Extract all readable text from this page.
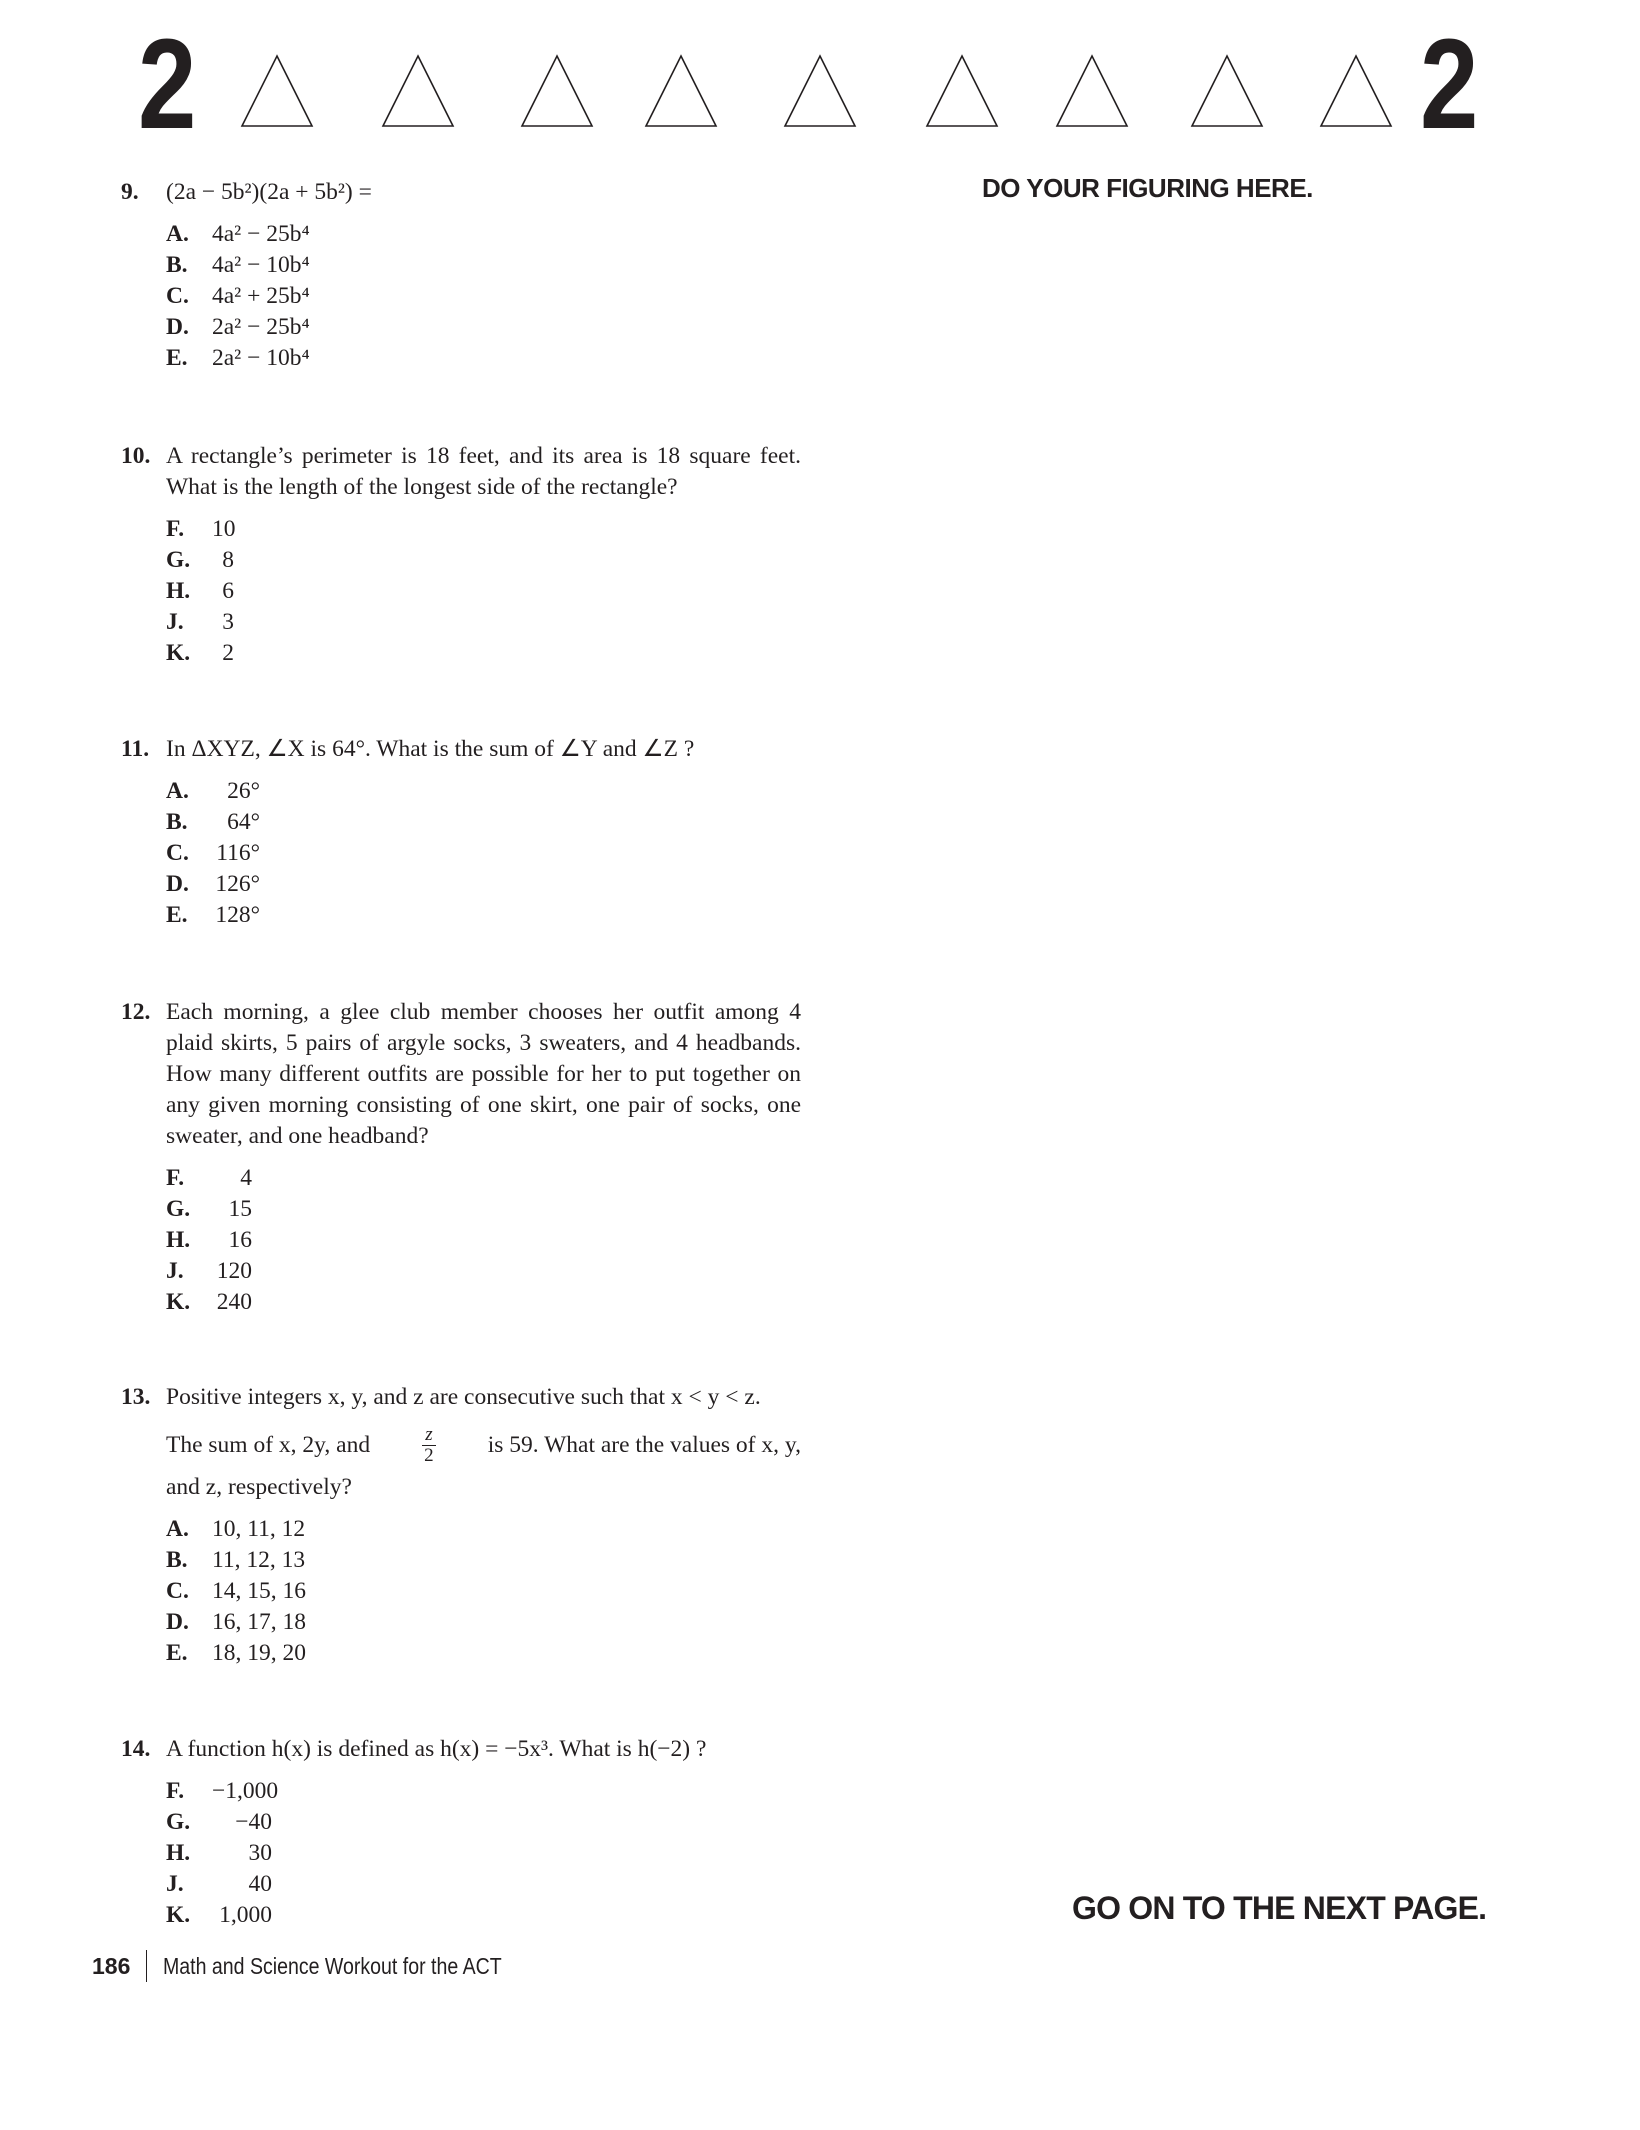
2	2
DO YOUR FIGURING HERE.
9. (2a − 5b²)(2a + 5b²) =
A. 4a² − 25b⁴
B.	4a² − 10b⁴
C. 4a² + 25b⁴
D. 2a² − 25b⁴
E.	2a² − 10b⁴
10. A rectangle’s perimeter is 18 feet, and its area is 18 square feet. What is the length of the longest side of the rectangle?
F.	10
G.	8
H.	6
J.	3
K.	2
11. In ΔXYZ, ∠X is 64°. What is the sum of ∠Y and ∠Z ?
A.	26°
B.	64°
C.	116°
D.	126°
E.	128°
12. Each morning, a glee club member chooses her outfit among 4 plaid skirts, 5 pairs of argyle socks, 3 sweaters, and 4 headbands. How many different outfits are possible for her to put together on any given morning consisting of one skirt, one pair of socks, one sweater, and one headband?
F.	4
G.	15
H.	16
J.	120
K.	240
13. Positive integers x, y, and z are consecutive such that x < y < z.
The sum of x, 2y, and	$\frac{z}{2}$ is 59. What are the values of x, y,
and z, respectively?
A. 10, 11, 12
B.	11, 12, 13
C. 14, 15, 16
D. 16, 17, 18
E.	18, 19, 20
14. A function h(x) is defined as h(x) = −5x³. What is h(−2) ?
F.	−1,000
G.	−40
H.	30
J.	40
K.	1,000	GO ON TO THE NEXT PAGE.
186 Math and Science Workout for the ACT
